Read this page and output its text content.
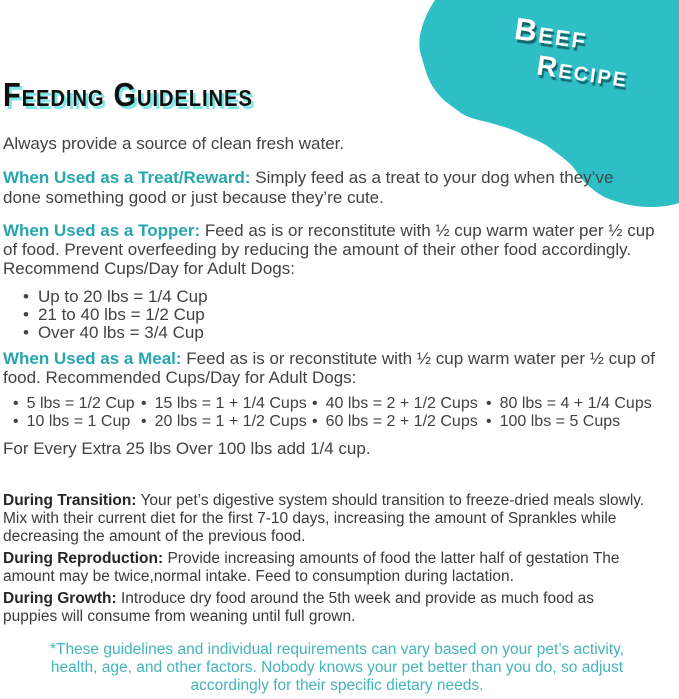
Beef
Recipe
Feeding Guidelines

Always provide a source of clean fresh water.

When Used as a Treat/Reward: Simply feed as a treat to your dog when they’ve done something good or just because they’re cute.

When Used as a Topper: Feed as is or reconstitute with ½ cup warm water per ½ cup of food. Prevent overfeeding by reducing the amount of their other food accordingly. Recommend Cups/Day for Adult Dogs:

• Up to 20 lbs = 1/4 Cup
• 21 to 40 lbs = 1/2 Cup
• Over 40 lbs = 3/4 Cup

When Used as a Meal: Feed as is or reconstitute with ½ cup warm water per ½ cup of food. Recommended Cups/Day for Adult Dogs:

• 5 lbs = 1/2 Cup
• 10 lbs = 1 Cup
• 15 lbs = 1 + 1/4 Cups
• 20 lbs = 1 + 1/2 Cups
• 40 lbs = 2 + 1/2 Cups
• 60 lbs = 2 + 1/2 Cups
• 80 lbs = 4 + 1/4 Cups
• 100 lbs = 5 Cups

For Every Extra 25 lbs Over 100 lbs add 1/4 cup.

During Transition: Your pet’s digestive system should transition to freeze-dried meals slowly. Mix with their current diet for the first 7-10 days, increasing the amount of Sprankles while decreasing the amount of the previous food.

During Reproduction: Provide increasing amounts of food the latter half of gestation The amount may be twice,normal intake. Feed to consumption during lactation.

During Growth: Introduce dry food around the 5th week and provide as much food as puppies will consume from weaning until full grown.

*These guidelines and individual requirements can vary based on your pet’s activity, health, age, and other factors. Nobody knows your pet better than you do, so adjust accordingly for their specific dietary needs.
